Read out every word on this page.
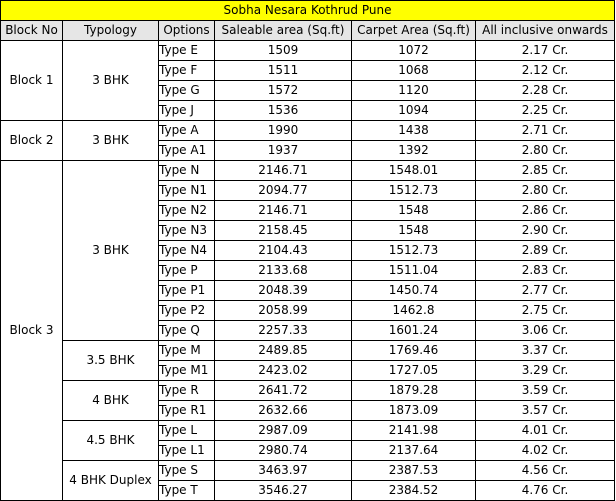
Sobha Nesara Kothrud Pune					
Block No	Typology	Options	Saleable area (Sq.ft)	Carpet Area (Sq.ft)	All inclusive onwards
Block 1	3 BHK	Type E	1509	1072	2.17 Cr.
		Type F	1511	1068	2.12 Cr.
		Type G	1572	1120	2.28 Cr.
		Type J	1536	1094	2.25 Cr.
Block 2	3 BHK	Type A	1990	1438	2.71 Cr.
		Type A1	1937	1392	2.80 Cr.
Block 3	3 BHK	Type N	2146.71	1548.01	2.85 Cr.
		Type N1	2094.77	1512.73	2.80 Cr.
		Type N2	2146.71	1548	2.86 Cr.
		Type N3	2158.45	1548	2.90 Cr.
		Type N4	2104.43	1512.73	2.89 Cr.
		Type P	2133.68	1511.04	2.83 Cr.
		Type P1	2048.39	1450.74	2.77 Cr.
		Type P2	2058.99	1462.8	2.75 Cr.
		Type Q	2257.33	1601.24	3.06 Cr.
	3.5 BHK	Type M	2489.85	1769.46	3.37 Cr.
		Type M1	2423.02	1727.05	3.29 Cr.
	4 BHK	Type R	2641.72	1879.28	3.59 Cr.
		Type R1	2632.66	1873.09	3.57 Cr.
	4.5 BHK	Type L	2987.09	2141.98	4.01 Cr.
		Type L1	2980.74	2137.64	4.02 Cr.
	4 BHK Duplex	Type S	3463.97	2387.53	4.56 Cr.
		Type T	3546.27	2384.52	4.76 Cr.
